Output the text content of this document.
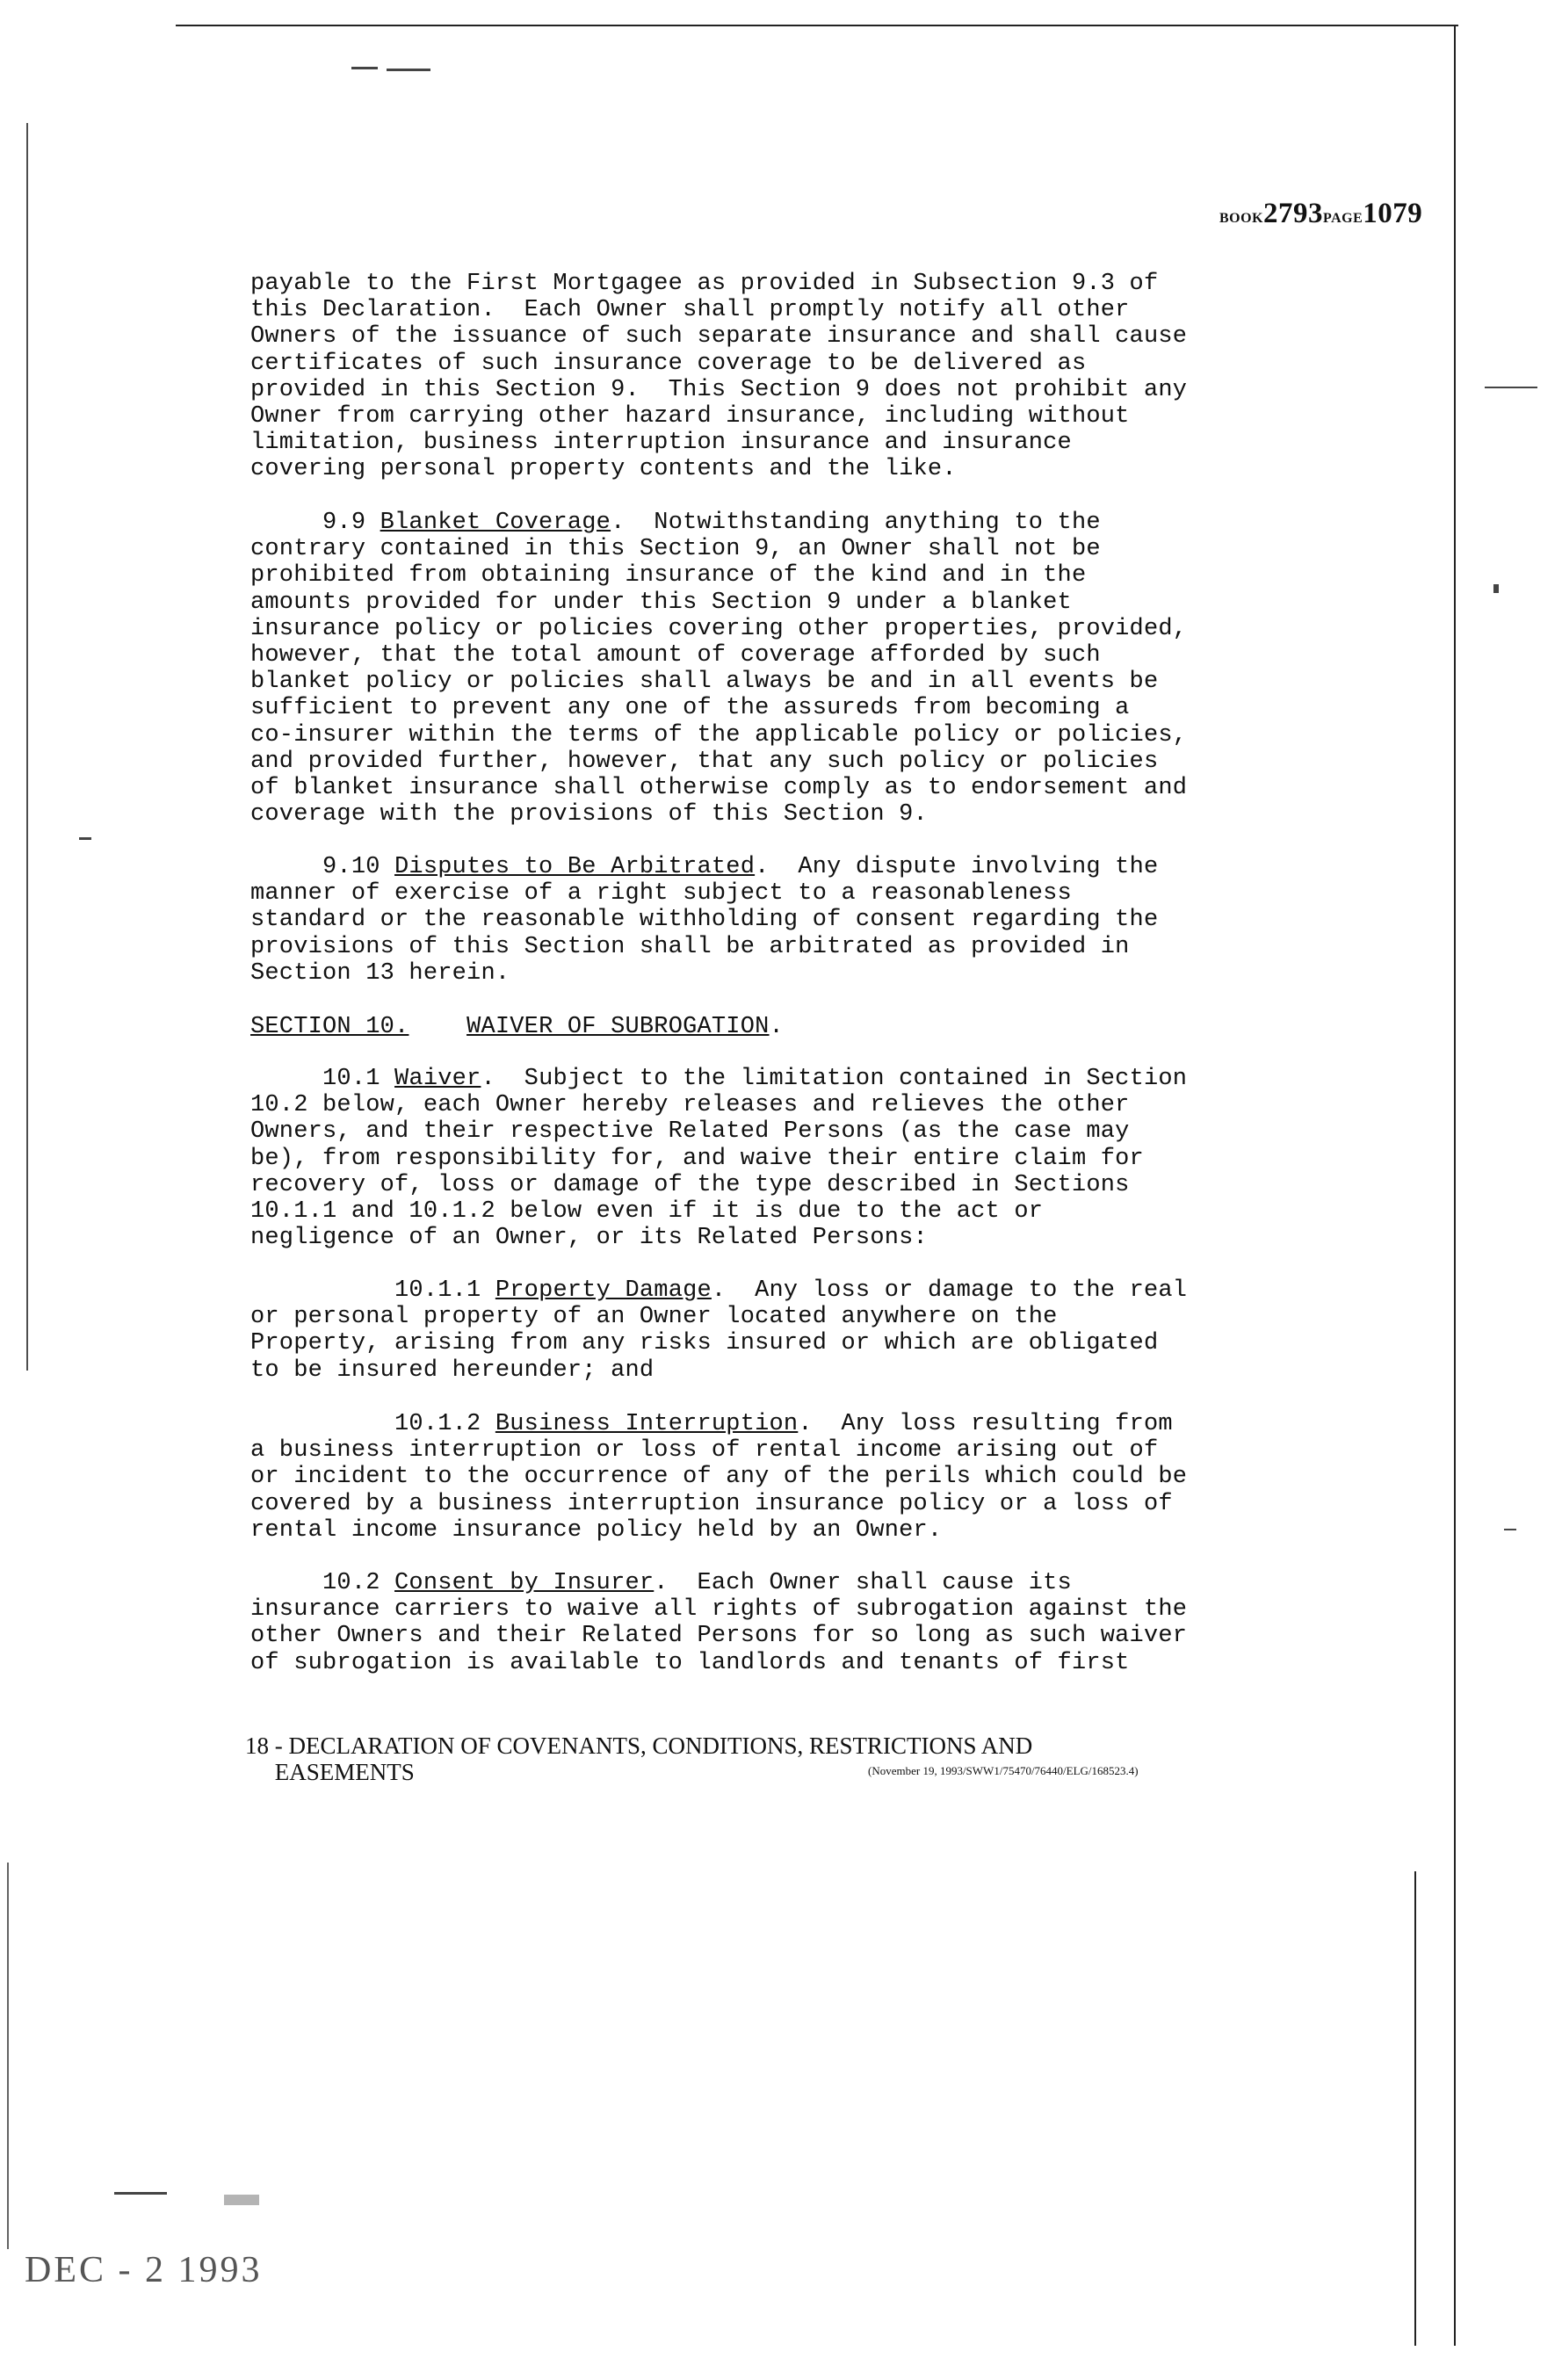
BOOK2793PAGE1079
payable to the First Mortgagee as provided in Subsection 9.3 of
this Declaration.  Each Owner shall promptly notify all other
Owners of the issuance of such separate insurance and shall cause
certificates of such insurance coverage to be delivered as
provided in this Section 9.  This Section 9 does not prohibit any
Owner from carrying other hazard insurance, including without
limitation, business interruption insurance and insurance
covering personal property contents and the like.
9.9 Blanket Coverage.  Notwithstanding anything to the
contrary contained in this Section 9, an Owner shall not be
prohibited from obtaining insurance of the kind and in the
amounts provided for under this Section 9 under a blanket
insurance policy or policies covering other properties, provided,
however, that the total amount of coverage afforded by such
blanket policy or policies shall always be and in all events be
sufficient to prevent any one of the assureds from becoming a
co-insurer within the terms of the applicable policy or policies,
and provided further, however, that any such policy or policies
of blanket insurance shall otherwise comply as to endorsement and
coverage with the provisions of this Section 9.
9.10 Disputes to Be Arbitrated.  Any dispute involving the
manner of exercise of a right subject to a reasonableness
standard or the reasonable withholding of consent regarding the
provisions of this Section shall be arbitrated as provided in
Section 13 herein.
SECTION 10. WAIVER OF SUBROGATION.
10.1 Waiver.  Subject to the limitation contained in Section
10.2 below, each Owner hereby releases and relieves the other
Owners, and their respective Related Persons (as the case may
be), from responsibility for, and waive their entire claim for
recovery of, loss or damage of the type described in Sections
10.1.1 and 10.1.2 below even if it is due to the act or
negligence of an Owner, or its Related Persons:
10.1.1 Property Damage.  Any loss or damage to the real
or personal property of an Owner located anywhere on the
Property, arising from any risks insured or which are obligated
to be insured hereunder; and
10.1.2 Business Interruption.  Any loss resulting from
a business interruption or loss of rental income arising out of
or incident to the occurrence of any of the perils which could be
covered by a business interruption insurance policy or a loss of
rental income insurance policy held by an Owner.
10.2 Consent by Insurer.  Each Owner shall cause its
insurance carriers to waive all rights of subrogation against the
other Owners and their Related Persons for so long as such waiver
of subrogation is available to landlords and tenants of first
18 - DECLARATION OF COVENANTS, CONDITIONS, RESTRICTIONS AND
EASEMENTS	(November 19, 1993/SWW1/75470/76440/ELG/168523.4)
DEC - 2 1993
